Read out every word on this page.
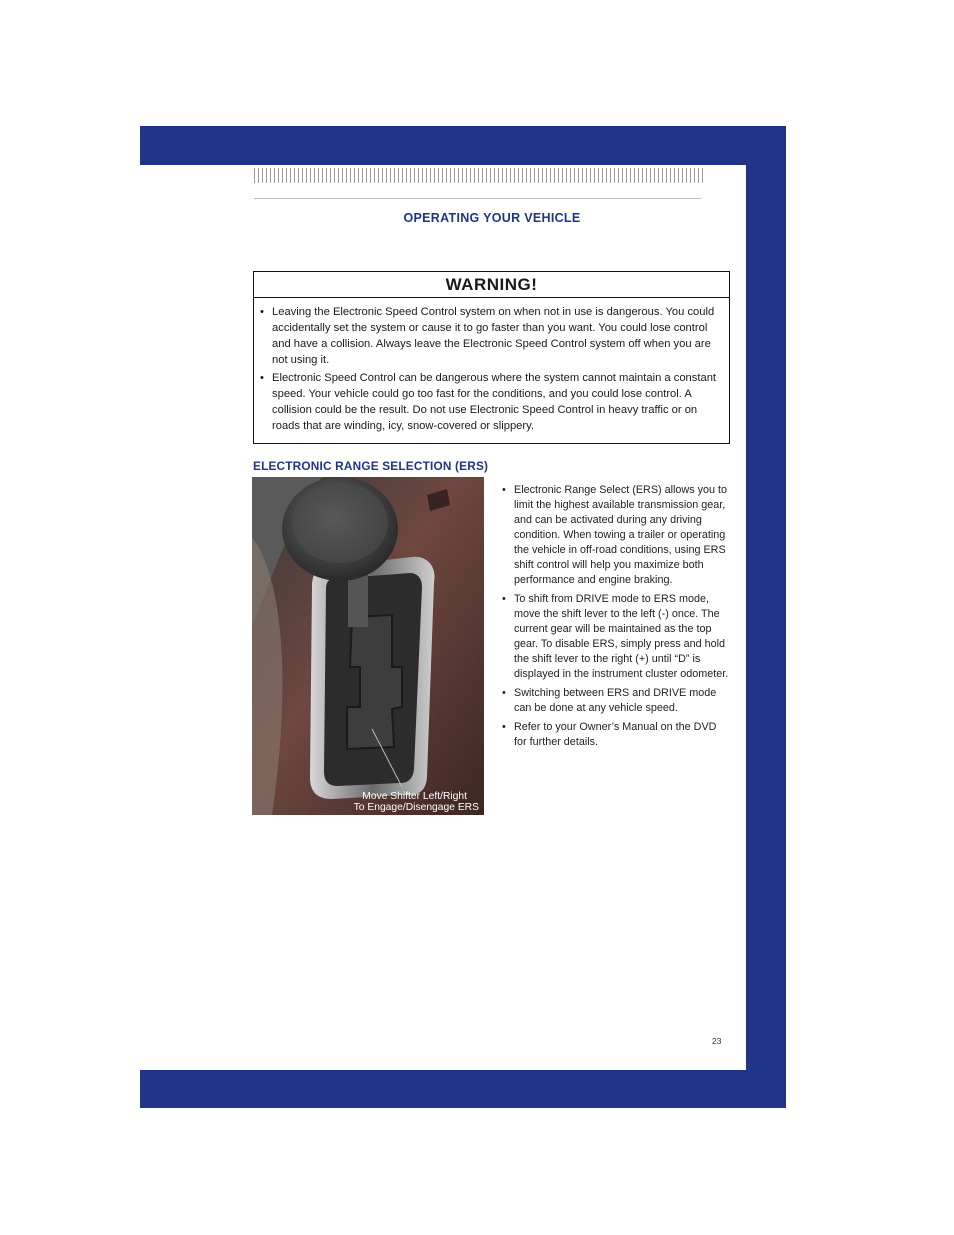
OPERATING YOUR VEHICLE
WARNING!
• Leaving the Electronic Speed Control system on when not in use is dangerous. You could accidentally set the system or cause it to go faster than you want. You could lose control and have a collision. Always leave the Electronic Speed Control system off when you are not using it.
• Electronic Speed Control can be dangerous where the system cannot maintain a constant speed. Your vehicle could go too fast for the conditions, and you could lose control. A collision could be the result. Do not use Electronic Speed Control in heavy traffic or on roads that are winding, icy, snow-covered or slippery.
ELECTRONIC RANGE SELECTION (ERS)
Move Shifter Left/Right
To Engage/Disengage ERS
• Electronic Range Select (ERS) allows you to limit the highest available transmission gear, and can be activated during any driving condition. When towing a trailer or operating the vehicle in off-road conditions, using ERS shift control will help you maximize both performance and engine braking.
• To shift from DRIVE mode to ERS mode, move the shift lever to the left (-) once. The current gear will be maintained as the top gear. To disable ERS, simply press and hold the shift lever to the right (+) until “D” is displayed in the instrument cluster odometer.
• Switching between ERS and DRIVE mode can be done at any vehicle speed.
• Refer to your Owner’s Manual on the DVD for further details.
23
